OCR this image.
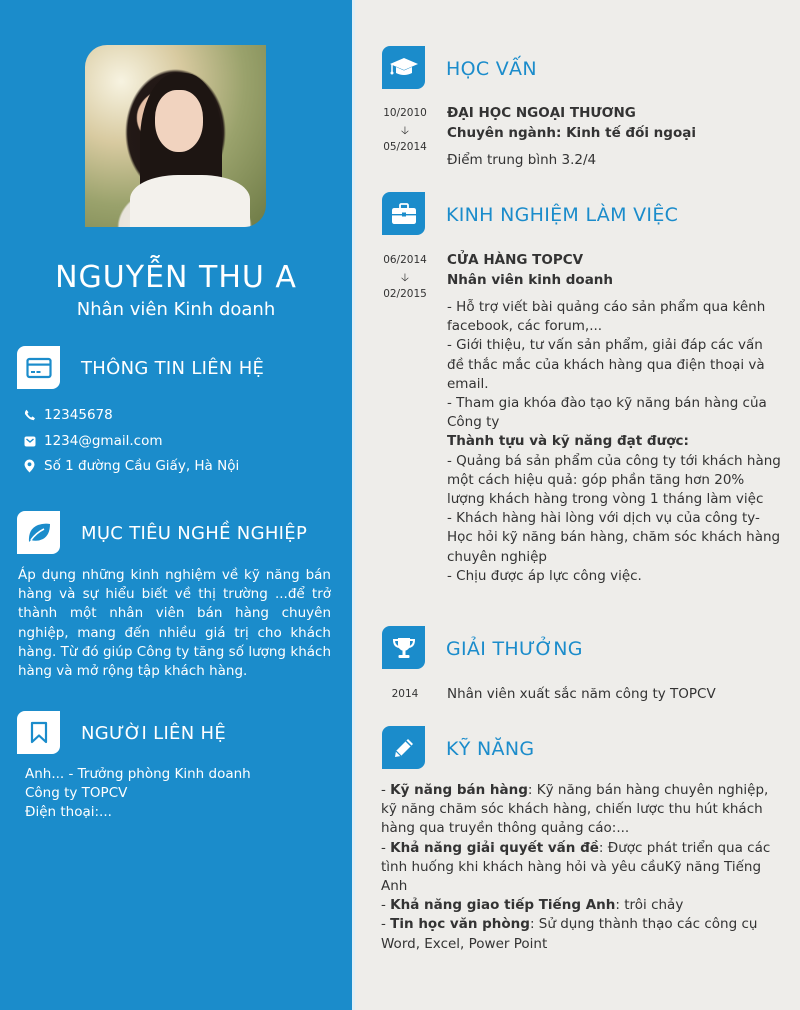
NGUYỄN THU A
Nhân viên Kinh doanh
THÔNG TIN LIÊN HỆ
12345678
1234@gmail.com
Số 1 đường Cầu Giấy, Hà Nội
MỤC TIÊU NGHỀ NGHIỆP
Áp dụng những kinh nghiệm về kỹ năng bán hàng và sự hiểu biết về thị trường ...để trở thành một nhân viên bán hàng chuyên nghiệp, mang đến nhiều giá trị cho khách hàng. Từ đó giúp Công ty tăng số lượng khách hàng và mở rộng tập khách hàng.
NGƯỜI LIÊN HỆ
Anh... - Trưởng phòng Kinh doanh
Công ty TOPCV
Điện thoại:...
HỌC VẤN
10/2010
🡣
05/2014
ĐẠI HỌC NGOẠI THƯƠNG
Chuyên ngành: Kinh tế đối ngoại
Điểm trung bình 3.2/4
KINH NGHIỆM LÀM VIỆC
06/2014
🡣
02/2015
CỬA HÀNG TOPCV
Nhân viên kinh doanh
- Hỗ trợ viết bài quảng cáo sản phẩm qua kênh facebook, các forum,...
- Giới thiệu, tư vấn sản phẩm, giải đáp các vấn đề thắc mắc của khách hàng qua điện thoại và email.
- Tham gia khóa đào tạo kỹ năng bán hàng của Công ty
Thành tựu và kỹ năng đạt được:
- Quảng bá sản phẩm của công ty tới khách hàng một cách hiệu quả: góp phần tăng hơn 20% lượng khách hàng trong vòng 1 tháng làm việc
- Khách hàng hài lòng với dịch vụ của công ty- Học hỏi kỹ năng bán hàng, chăm sóc khách hàng chuyên nghiệp
- Chịu được áp lực công việc.
GIẢI THƯỞNG
2014	Nhân viên xuất sắc năm công ty TOPCV
KỸ NĂNG
- Kỹ năng bán hàng: Kỹ năng bán hàng chuyên nghiệp, kỹ năng chăm sóc khách hàng, chiến lược thu hút khách hàng qua truyền thông quảng cáo:...
- Khả năng giải quyết vấn đề: Được phát triển qua các tình huống khi khách hàng hỏi và yêu cầuKỹ năng Tiếng Anh
- Khả năng giao tiếp Tiếng Anh: trôi chảy
- Tin học văn phòng: Sử dụng thành thạo các công cụ Word, Excel, Power Point
